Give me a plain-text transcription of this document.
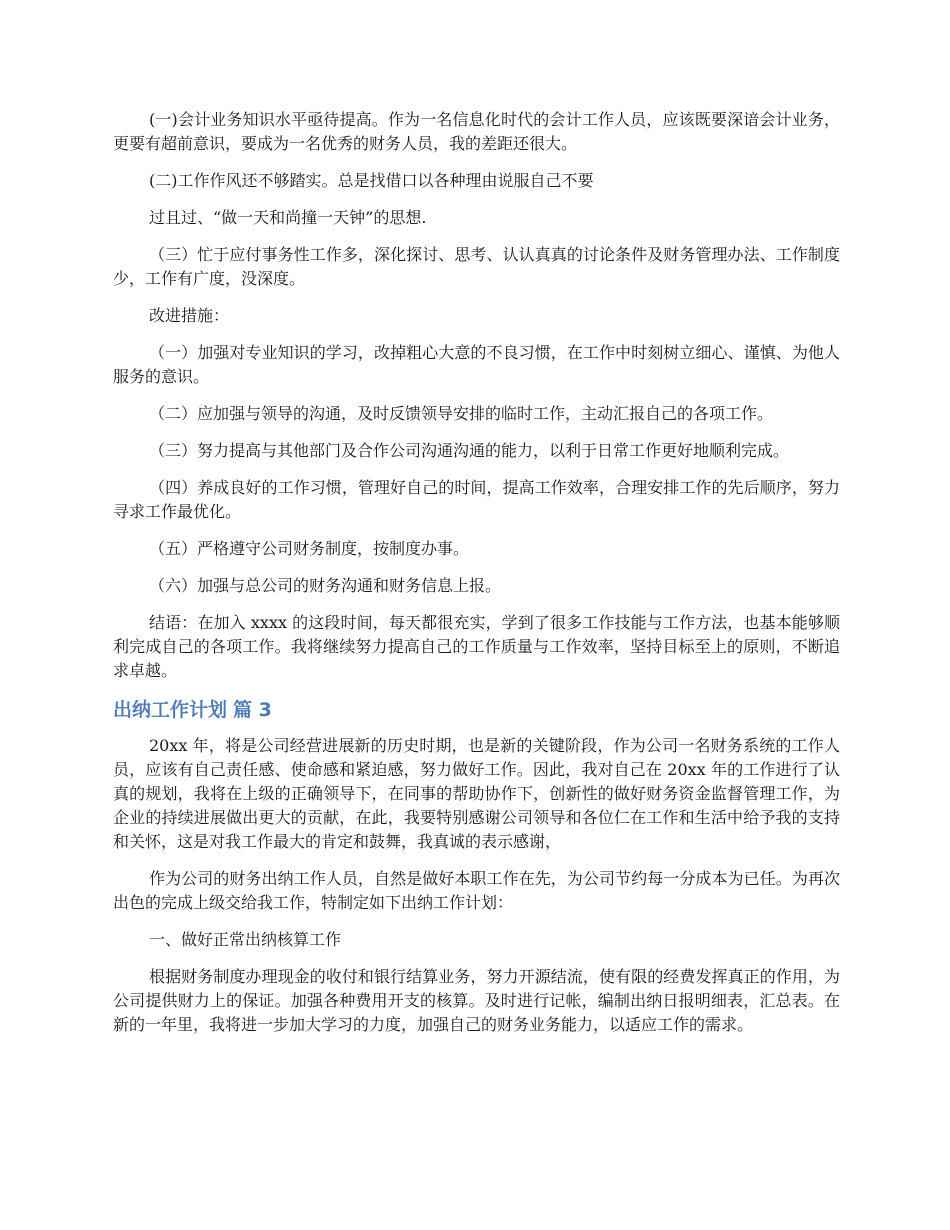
(一)会计业务知识水平亟待提高。作为一名信息化时代的会计工作人员，应该既要深谙会计业务，更要有超前意识，要成为一名优秀的财务人员，我的差距还很大。

(二)工作作风还不够踏实。总是找借口以各种理由说服自己不要

过且过、“做一天和尚撞一天钟”的思想.

（三）忙于应付事务性工作多，深化探讨、思考、认认真真的讨论条件及财务管理办法、工作制度少，工作有广度，没深度。

改进措施：

（一）加强对专业知识的学习，改掉粗心大意的不良习惯，在工作中时刻树立细心、谨慎、为他人服务的意识。

（二）应加强与领导的沟通，及时反馈领导安排的临时工作，主动汇报自己的各项工作。

（三）努力提高与其他部门及合作公司沟通沟通的能力，以利于日常工作更好地顺利完成。

（四）养成良好的工作习惯，管理好自己的时间，提高工作效率，合理安排工作的先后顺序，努力寻求工作最优化。

（五）严格遵守公司财务制度，按制度办事。

（六）加强与总公司的财务沟通和财务信息上报。

结语：在加入 xxxx 的这段时间，每天都很充实，学到了很多工作技能与工作方法，也基本能够顺利完成自己的各项工作。我将继续努力提高自己的工作质量与工作效率，坚持目标至上的原则，不断追求卓越。

出纳工作计划 篇 3

20xx 年，将是公司经营进展新的历史时期，也是新的关键阶段，作为公司一名财务系统的工作人员，应该有自己责任感、使命感和紧迫感，努力做好工作。因此，我对自己在 20xx 年的工作进行了认真的规划，我将在上级的正确领导下，在同事的帮助协作下，创新性的做好财务资金监督管理工作，为企业的持续进展做出更大的贡献，在此，我要特别感谢公司领导和各位仁在工作和生活中给予我的支持和关怀，这是对我工作最大的肯定和鼓舞，我真诚的表示感谢，

作为公司的财务出纳工作人员，自然是做好本职工作在先，为公司节约每一分成本为已任。为再次出色的完成上级交给我工作，特制定如下出纳工作计划：

一、做好正常出纳核算工作

根据财务制度办理现金的收付和银行结算业务，努力开源结流，使有限的经费发挥真正的作用，为公司提供财力上的保证。加强各种费用开支的核算。及时进行记帐，编制出纳日报明细表，汇总表。在新的一年里，我将进一步加大学习的力度，加强自己的财务业务能力，以适应工作的需求。
